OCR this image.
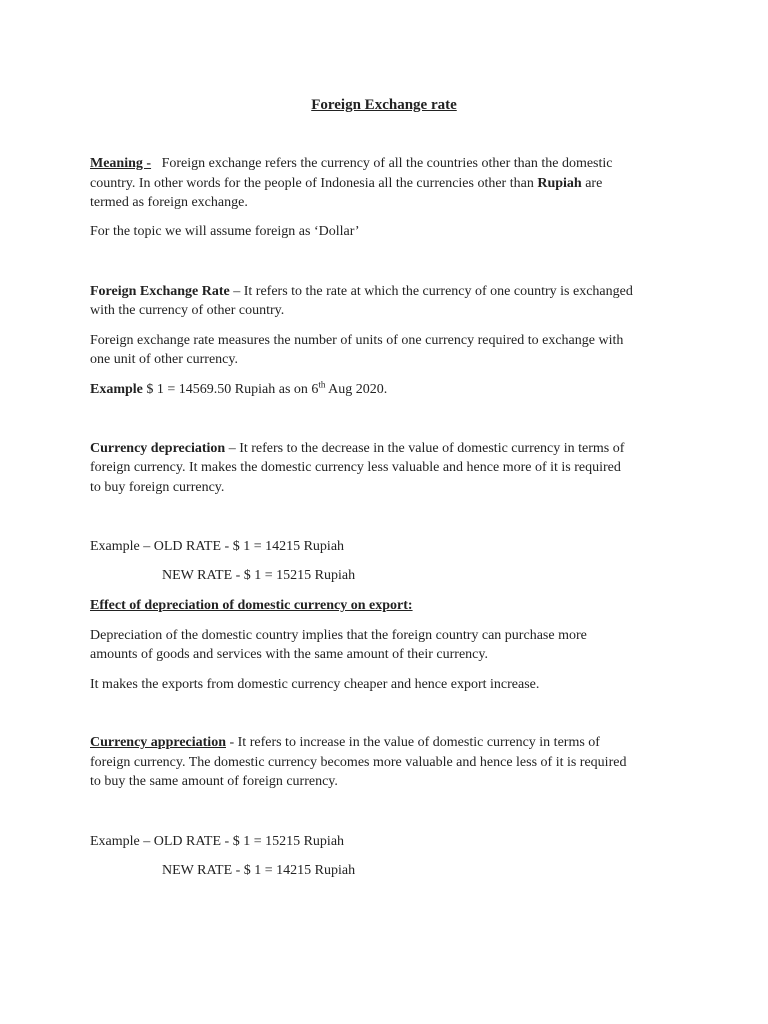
Foreign Exchange rate
Meaning - Foreign exchange refers the currency of all the countries other than the domestic
country. In other words for the people of Indonesia all the currencies other than Rupiah are
termed as foreign exchange.
For the topic we will assume foreign as ‘Dollar’
Foreign Exchange Rate – It refers to the rate at which the currency of one country is exchanged
with the currency of other country.
Foreign exchange rate measures the number of units of one currency required to exchange with
one unit of other currency.
Example $ 1 = 14569.50 Rupiah as on 6th Aug 2020.
Currency depreciation – It refers to the decrease in the value of domestic currency in terms of
foreign currency. It makes the domestic currency less valuable and hence more of it is required
to buy foreign currency.
Example – OLD RATE - $ 1 = 14215 Rupiah
NEW RATE - $ 1 = 15215 Rupiah
Effect of depreciation of domestic currency on export:
Depreciation of the domestic country implies that the foreign country can purchase more
amounts of goods and services with the same amount of their currency.
It makes the exports from domestic currency cheaper and hence export increase.
Currency appreciation - It refers to increase in the value of domestic currency in terms of
foreign currency. The domestic currency becomes more valuable and hence less of it is required
to buy the same amount of foreign currency.
Example – OLD RATE - $ 1 = 15215 Rupiah
NEW RATE - $ 1 = 14215 Rupiah
